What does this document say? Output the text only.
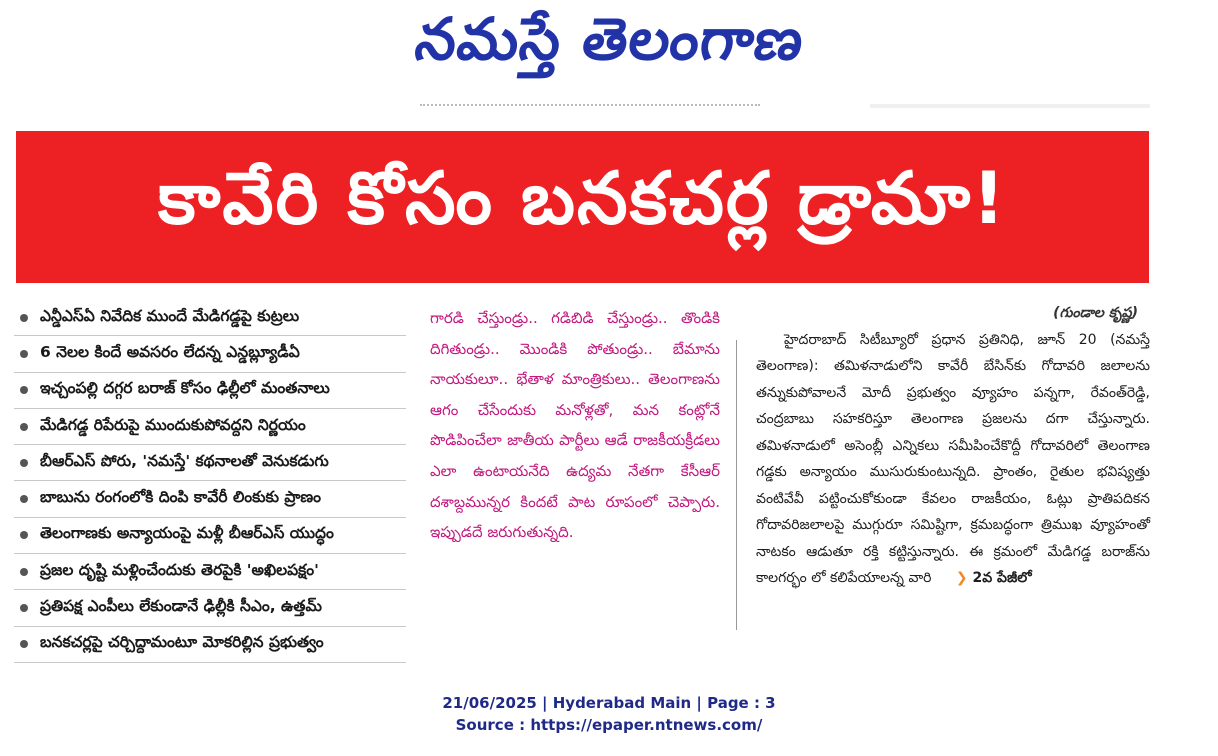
నమస్తే తెలంగాణ
కావేరి కోసం బనకచర్ల డ్రామా!
ఎన్డీఎస్ఏ నివేదిక ముందే మేడిగడ్డపై కుట్రలు
6 నెలల కిందే అవసరం లేదన్న ఎన్డబ్ల్యూడీఏ
ఇచ్చంపల్లి దగ్గర బరాజ్ కోసం ఢిల్లీలో మంతనాలు
మేడిగడ్డ రిపేరుపై ముందుకుపోవద్దని నిర్ణయం
బీఆర్ఎస్ పోరు, 'నమస్తే' కథనాలతో వెనుకడుగు
బాబును రంగంలోకి దింపి కావేరీ లింకుకు ప్రాణం
తెలంగాణకు అన్యాయంపై మళ్లీ బీఆర్ఎస్ యుద్ధం
ప్రజల దృష్టి మళ్లించేందుకు తెరపైకి 'అఖిలపక్షం'
ప్రతిపక్ష ఎంపీలు లేకుండానే ఢిల్లీకి సీఎం, ఉత్తమ్
బనకచర్లపై చర్చిద్దామంటూ మోకరిల్లిన ప్రభుత్వం

గారడి చేస్తుండ్రు.. గడిబిడి చేస్తుండ్రు.. తొండికి దిగితుండ్రు.. మొండికి పోతుండ్రు.. బేమాను నాయకులూ.. భేతాళ మాంత్రికులు.. తెలంగాణను ఆగం చేసేందుకు మనోళ్లతో, మన కంట్లోనే పొడిపించేలా జాతీయ పార్టీలు ఆడే రాజకీయక్రీడలు ఎలా ఉంటాయనేది ఉద్యమ నేతగా కేసీఆర్ దశాబ్దమున్నర కిందటే పాట రూపంలో చెప్పారు. ఇప్పుడదే జరుగుతున్నది.

(గుండాల కృష్ణ)

హైదరాబాద్ సిటీబ్యూరో ప్రధాన ప్రతినిధి, జూన్ 20 (నమస్తే తెలంగాణ): తమిళనాడులోని కావేరీ బేసిన్‌కు గోదావరి జలాలను తన్నుకుపోవాలనే మోదీ ప్రభుత్వం వ్యూహం పన్నగా, రేవంత్‌రెడ్డి, చంద్రబాబు సహకరిస్తూ తెలంగాణ ప్రజలను దగా చేస్తున్నారు. తమిళనాడులో అసెంబ్లీ ఎన్నికలు సమీపించేకొద్దీ గోదావరిలో తెలంగాణ గడ్డకు అన్యాయం ముసురుకుంటున్నది. ప్రాంతం, రైతుల భవిష్యత్తు వంటివేవీ పట్టించుకోకుండా కేవలం రాజకీయం, ఓట్లు ప్రాతిపదికన గోదావరిజలాలపై ముగ్గురూ సమిష్టిగా, క్రమబద్ధంగా త్రిముఖ వ్యూహంతో నాటకం ఆడుతూ రక్తి కట్టిస్తున్నారు. ఈ క్రమంలో మేడిగడ్డ బరాజ్‌ను కాలగర్భం లో కలిపేయాలన్న వారి ❯ 2వ పేజీలో

21/06/2025 | Hyderabad Main | Page : 3
Source : https://epaper.ntnews.com/
